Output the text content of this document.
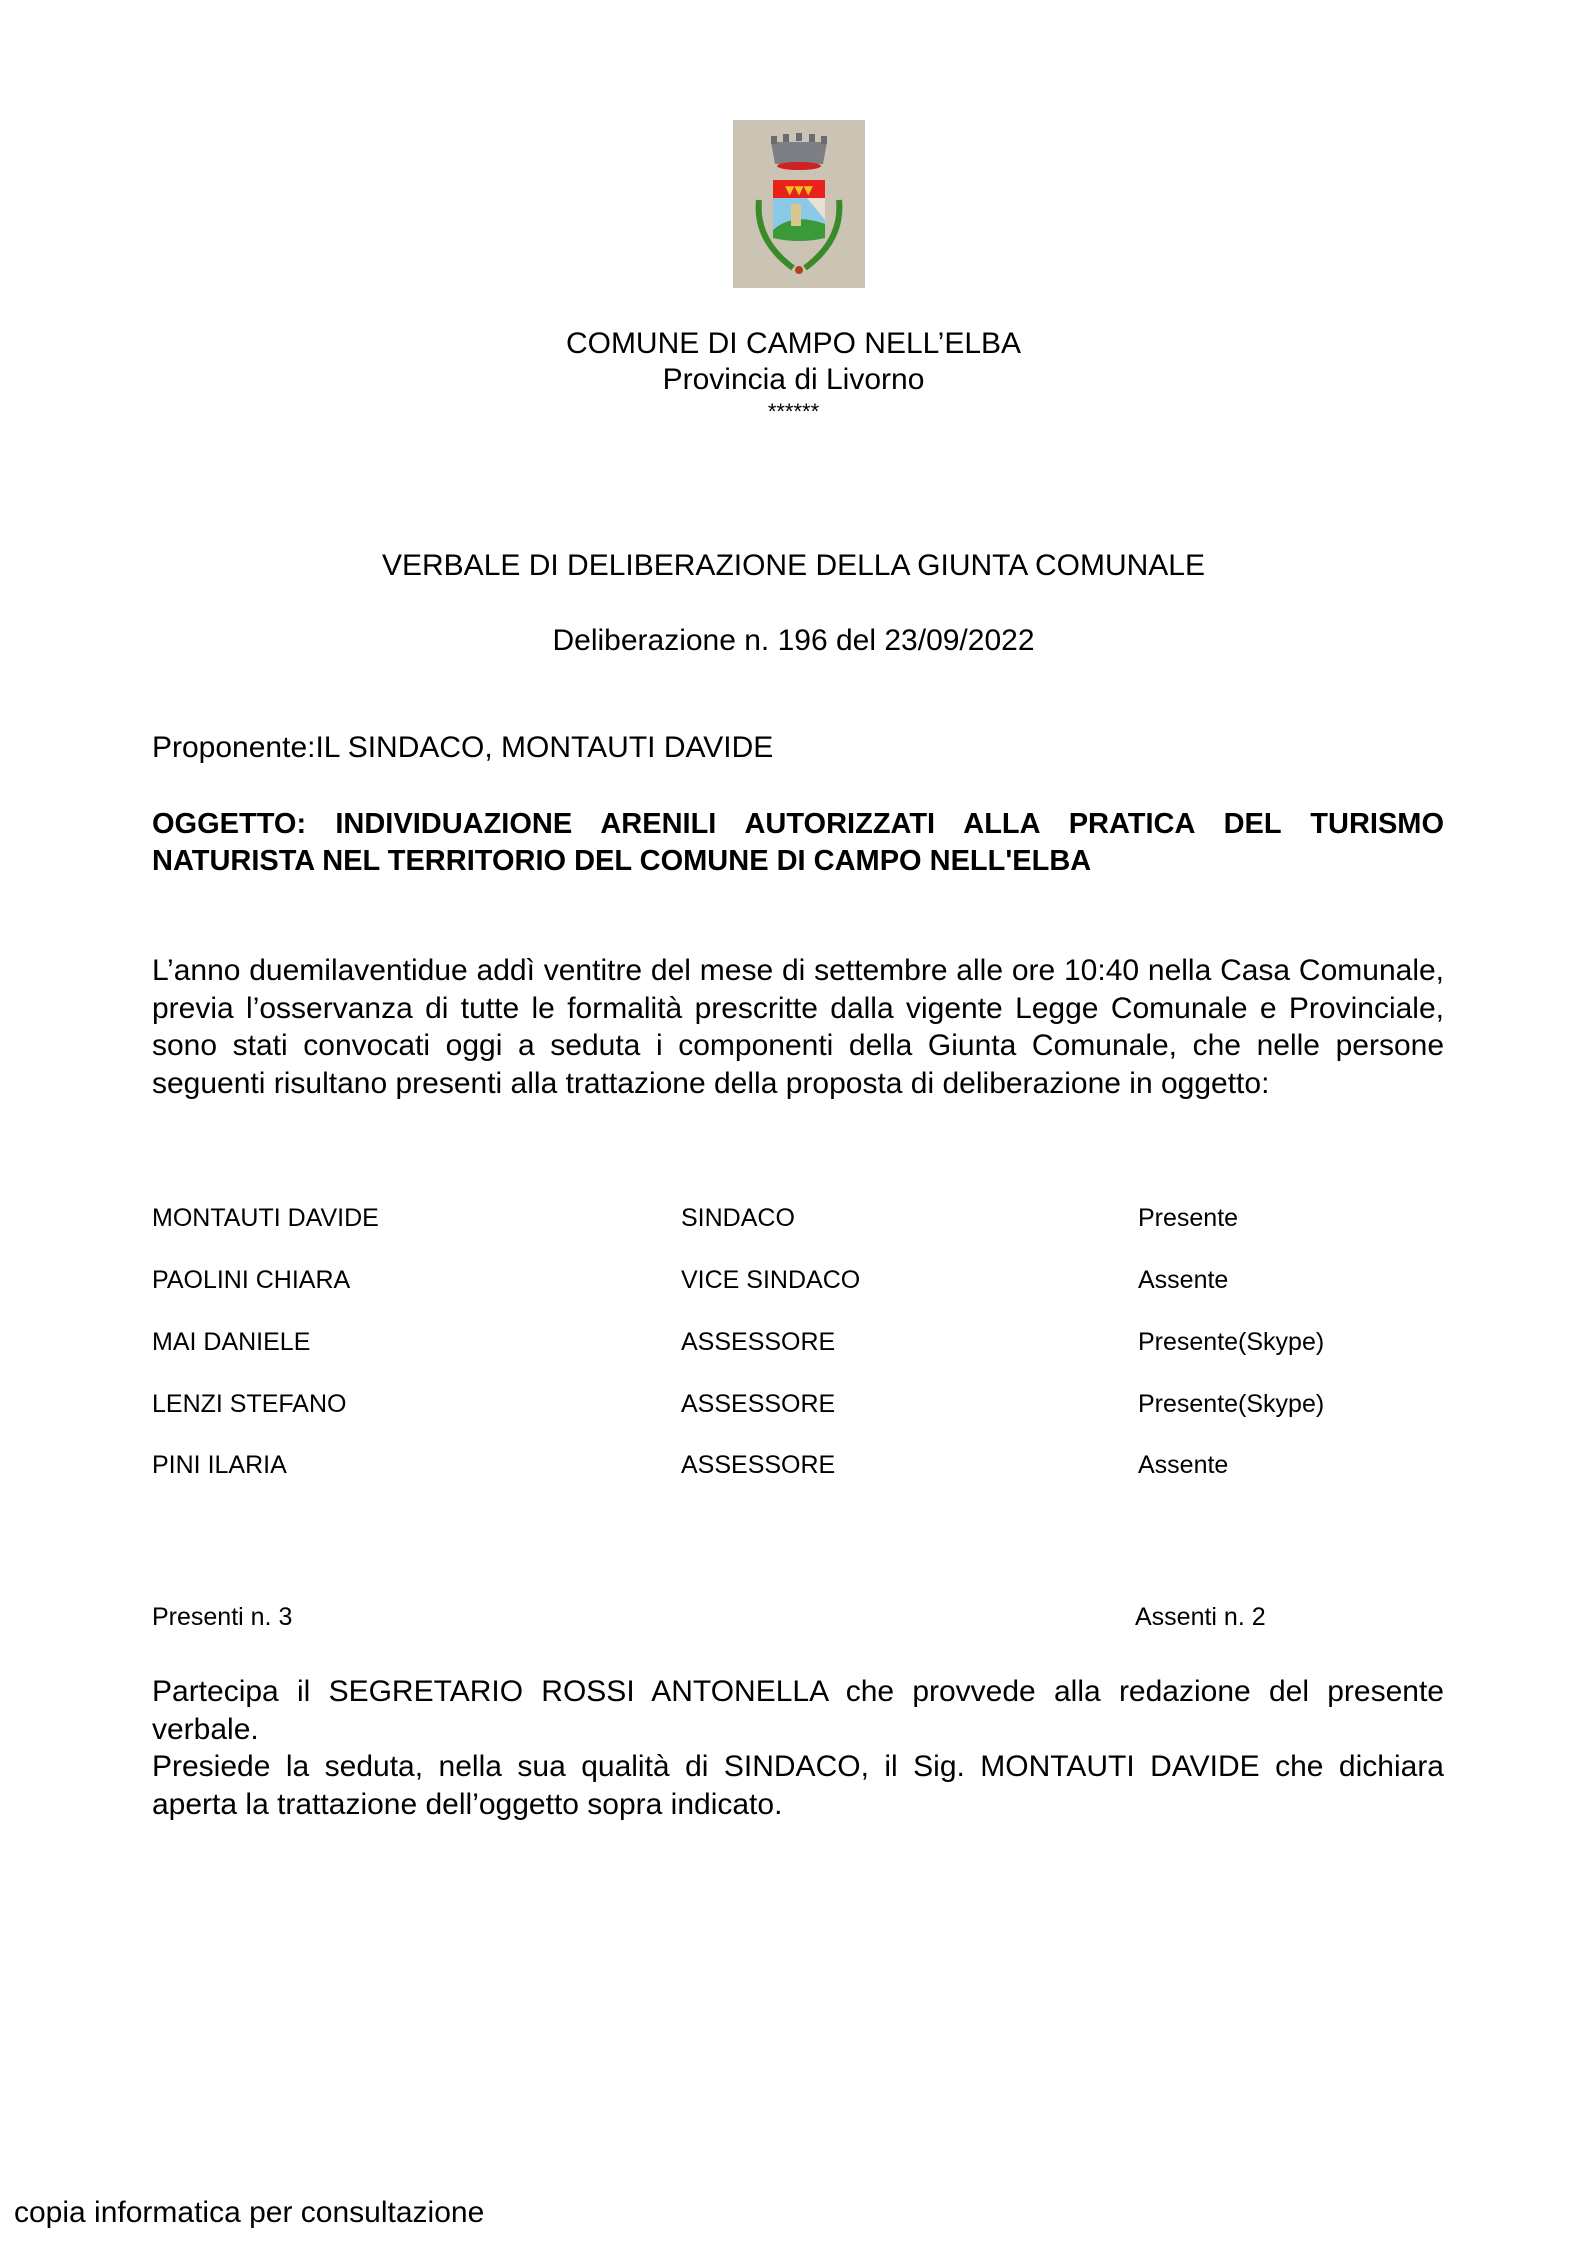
▼▼▼
COMUNE DI CAMPO NELL’ELBA
Provincia di Livorno
******
VERBALE DI DELIBERAZIONE DELLA GIUNTA COMUNALE
Deliberazione n. 196 del 23/09/2022
Proponente:IL SINDACO, MONTAUTI DAVIDE
OGGETTO: INDIVIDUAZIONE ARENILI AUTORIZZATI ALLA PRATICA DEL TURISMO NATURISTA NEL TERRITORIO DEL COMUNE DI CAMPO NELL'ELBA

L’anno duemilaventidue addì ventitre del mese di settembre alle ore 10:40 nella Casa Comunale, previa l’osservanza di tutte le formalità prescritte dalla vigente Legge Comunale e Provinciale, sono stati convocati oggi a seduta i componenti della Giunta Comunale, che nelle persone seguenti risultano presenti alla trattazione della proposta di deliberazione in oggetto:

MONTAUTI DAVIDE	SINDACO	Presente
PAOLINI CHIARA	VICE SINDACO	Assente
MAI DANIELE	ASSESSORE	Presente(Skype)
LENZI STEFANO	ASSESSORE	Presente(Skype)
PINI ILARIA	ASSESSORE	Assente
Presenti n. 3	Assenti n. 2

Partecipa il SEGRETARIO ROSSI ANTONELLA che provvede alla redazione del presente verbale.

Presiede la seduta, nella sua qualità di SINDACO, il Sig. MONTAUTI DAVIDE che dichiara aperta la trattazione dell’oggetto sopra indicato.

copia informatica per consultazione
